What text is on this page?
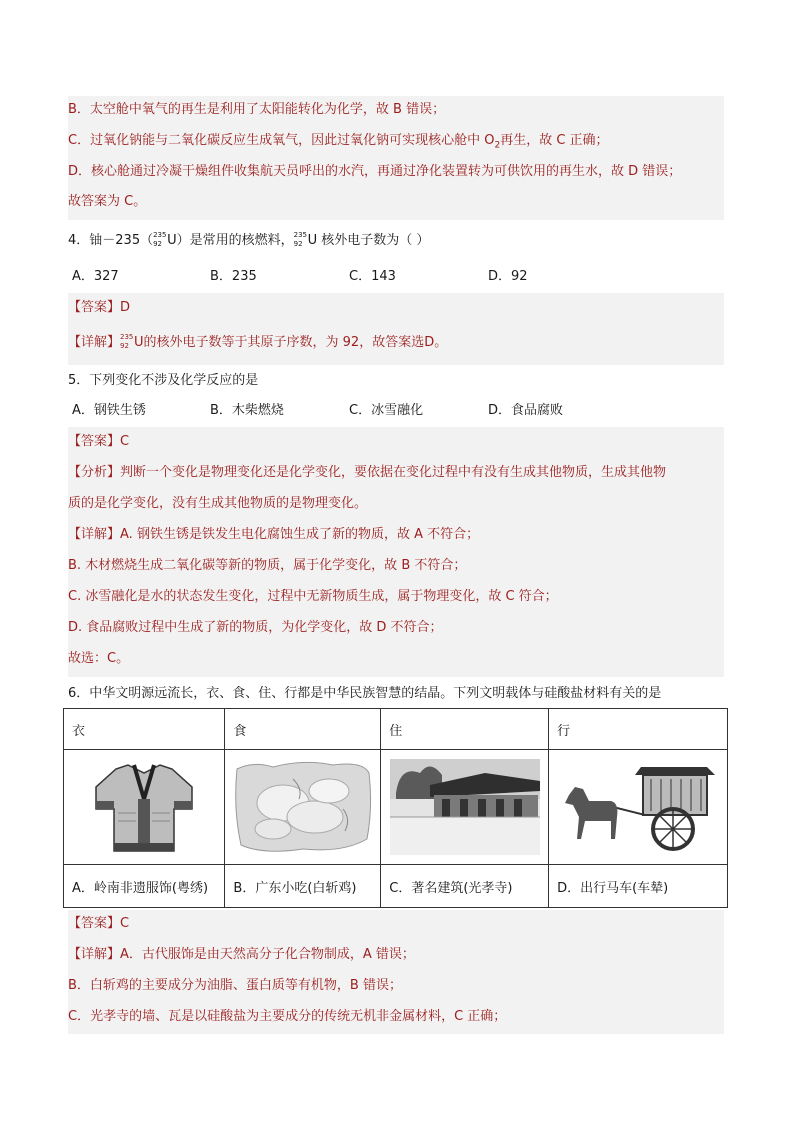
B．太空舱中氧气的再生是利用了太阳能转化为化学，故 B 错误；
C．过氧化钠能与二氧化碳反应生成氧气，因此过氧化钠可实现核心舱中 $O_2$再生，故 C 正确；
D．核心舱通过冷凝干燥组件收集航天员呼出的水汽，再通过净化装置转为可供饮用的再生水，故 D 错误；
故答案为 C。
4．铀－235（ 235
92 U）是常用的核燃料， 235
92 U 核外电子数为（ ）
A．327	B．235	C．143	D．92
【答案】D
【详解】 235
92 U的核外电子数等于其原子序数，为 92，故答案选D。
5．下列变化不涉及化学反应的是
A．钢铁生锈	B．木柴燃烧	C．冰雪融化	D．食品腐败
【答案】C
【分析】判断一个变化是物理变化还是化学变化，要依据在变化过程中有没有生成其他物质，生成其他物
质的是化学变化，没有生成其他物质的是物理变化。
【详解】A. 钢铁生锈是铁发生电化腐蚀生成了新的物质，故 A 不符合；
B. 木材燃烧生成二氧化碳等新的物质，属于化学变化，故 B 不符合；
C. 冰雪融化是水的状态发生变化，过程中无新物质生成，属于物理变化，故 C 符合；
D. 食品腐败过程中生成了新的物质，为化学变化，故 D 不符合；
故选：C。
6．中华文明源远流长，衣、食、住、行都是中华民族智慧的结晶。下列文明载体与硅酸盐材料有关的是
衣	食	住	行

A．岭南非遗服饰(粤绣)	B．广东小吃(白斩鸡)	C．著名建筑(光孝寺)	D．出行马车(车辇)
【答案】C
【详解】A．古代服饰是由天然高分子化合物制成，A 错误；
B．白斩鸡的主要成分为油脂、蛋白质等有机物，B 错误；
C．光孝寺的墙、瓦是以硅酸盐为主要成分的传统无机非金属材料，C 正确；
